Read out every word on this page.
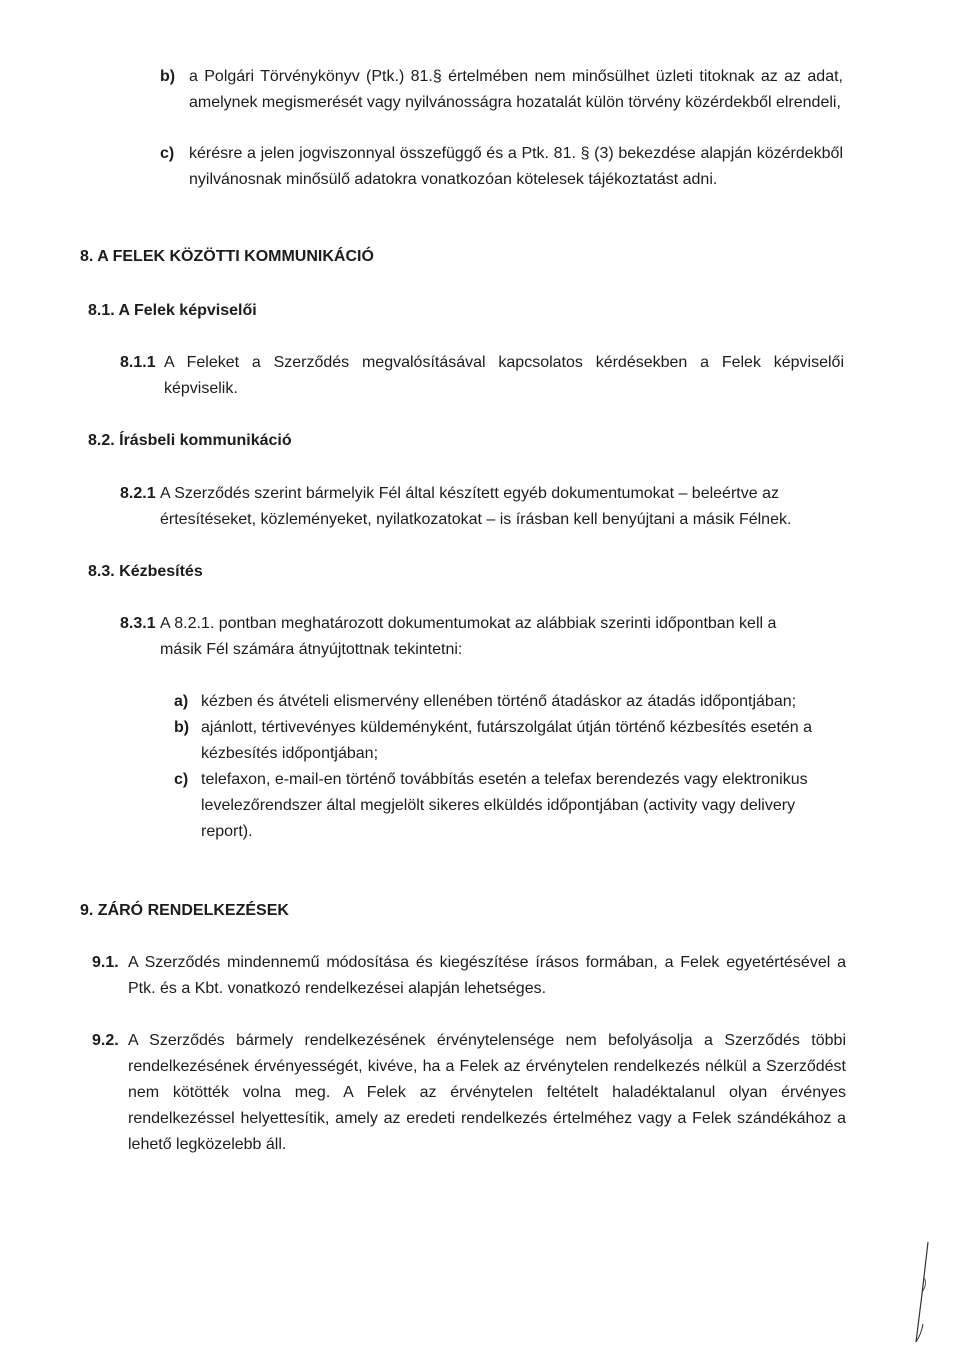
b) a Polgári Törvénykönyv (Ptk.) 81.§ értelmében nem minősülhet üzleti titoknak az az adat, amelynek megismerését vagy nyilvánosságra hozatalát külön törvény közérdekből elrendeli,
c) kérésre a jelen jogviszonnyal összefüggő és a Ptk. 81. § (3) bekezdése alapján közérdekből nyilvánosnak minősülő adatokra vonatkozóan kötelesek tájékoztatást adni.
8. A FELEK KÖZÖTTI KOMMUNIKÁCIÓ
8.1. A Felek képviselői
8.1.1 A Feleket a Szerződés megvalósításával kapcsolatos kérdésekben a Felek képviselői képviselik.
8.2. Írásbeli kommunikáció
8.2.1 A Szerződés szerint bármelyik Fél által készített egyéb dokumentumokat – beleértve az értesítéseket, közleményeket, nyilatkozatokat – is írásban kell benyújtani a másik Félnek.
8.3. Kézbesítés
8.3.1 A 8.2.1. pontban meghatározott dokumentumokat az alábbiak szerinti időpontban kell a másik Fél számára átnyújtottnak tekintetni:
a) kézben és átvételi elismervény ellenében történő átadáskor az átadás időpontjában;
b) ajánlott, tértivevényes küldeményként, futárszolgálat útján történő kézbesítés esetén a kézbesítés időpontjában;
c) telefaxon, e-mail-en történő továbbítás esetén a telefax berendezés vagy elektronikus levelezőrendszer által megjelölt sikeres elküldés időpontjában (activity vagy delivery report).
9. ZÁRÓ RENDELKEZÉSEK
9.1. A Szerződés mindennemű módosítása és kiegészítése írásos formában, a Felek egyetértésével a Ptk. és a Kbt. vonatkozó rendelkezései alapján lehetséges.
9.2. A Szerződés bármely rendelkezésének érvénytelensége nem befolyásolja a Szerződés többi rendelkezésének érvényességét, kivéve, ha a Felek az érvénytelen rendelkezés nélkül a Szerződést nem kötötték volna meg. A Felek az érvénytelen feltételt haladéktalanul olyan érvényes rendelkezéssel helyettesítik, amely az eredeti rendelkezés értelméhez vagy a Felek szándékához a lehető legközelebb áll.
